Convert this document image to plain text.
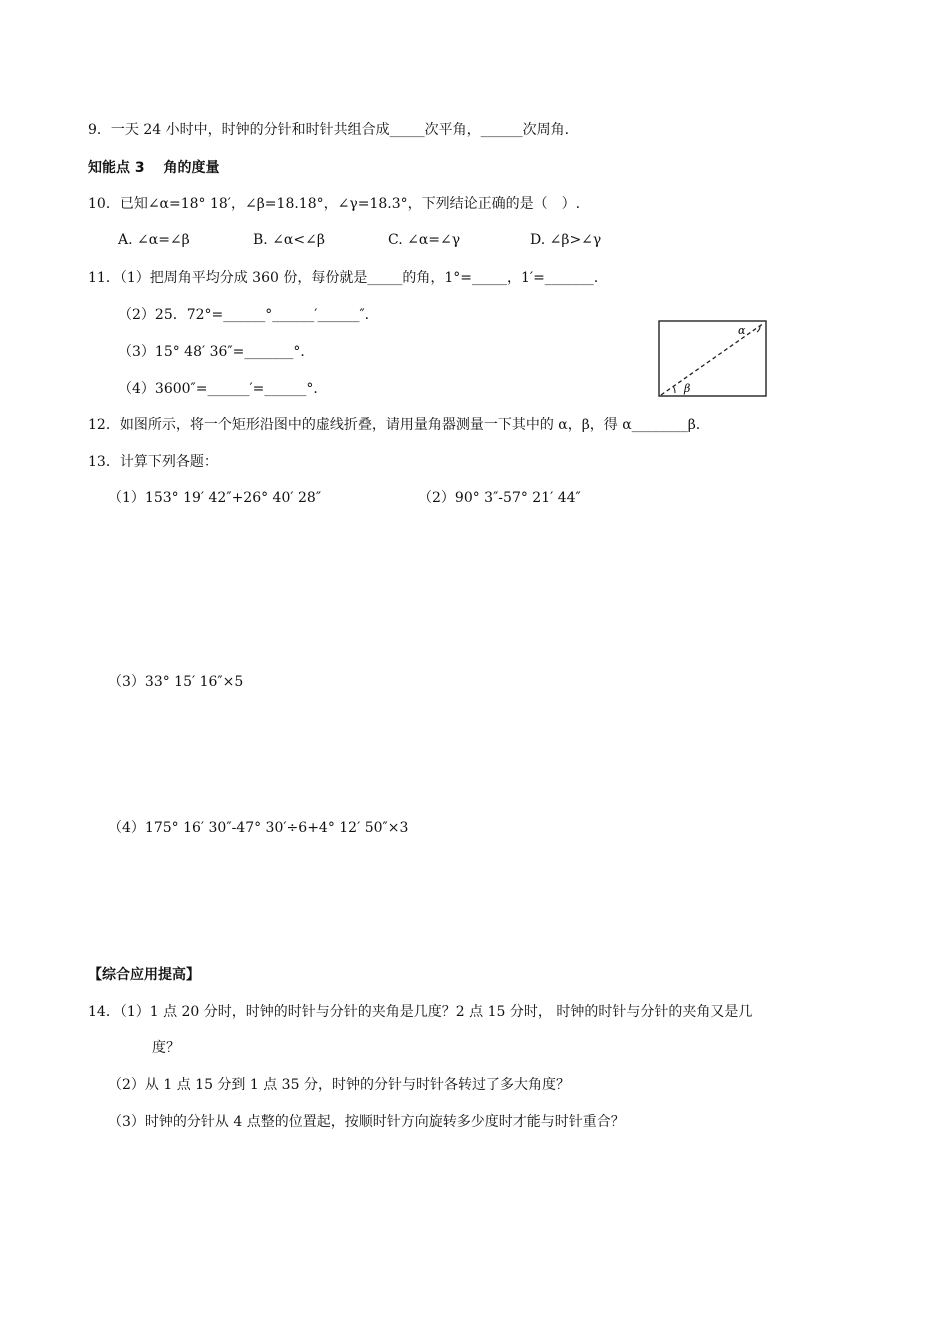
9．一天 24 小时中，时钟的分针和时针共组合成_____次平角，______次周角.
知能点 3　 角的度量
10．已知∠α=18° 18′，∠β=18.18°，∠γ=18.3°，下列结论正确的是（　）.
A. ∠α=∠β	B. ∠α<∠β	C. ∠α=∠γ	D. ∠β>∠γ
11．（1）把周角平均分成 360 份，每份就是_____的角，1°=_____，1′=_______.
（2）25．72°=______°______′______″.
（3）15° 48′ 36″=_______°．
（4）3600″=______′=______°．
α
β
12．如图所示，将一个矩形沿图中的虚线折叠，请用量角器测量一下其中的 α，β，得 α________β.
13．计算下列各题：
（1）153° 19′ 42″+26° 40′ 28″	（2）90° 3″-57° 21′ 44″
（3）33° 15′ 16″×5
（4）175° 16′ 30″-47° 30′÷6+4° 12′ 50″×3
【综合应用提高】
14．（1）1 点 20 分时，时钟的时针与分针的夹角是几度？2 点 15 分时， 时钟的时针与分针的夹角又是几
度？
（2）从 1 点 15 分到 1 点 35 分，时钟的分针与时针各转过了多大角度？
（3）时钟的分针从 4 点整的位置起，按顺时针方向旋转多少度时才能与时针重合？
